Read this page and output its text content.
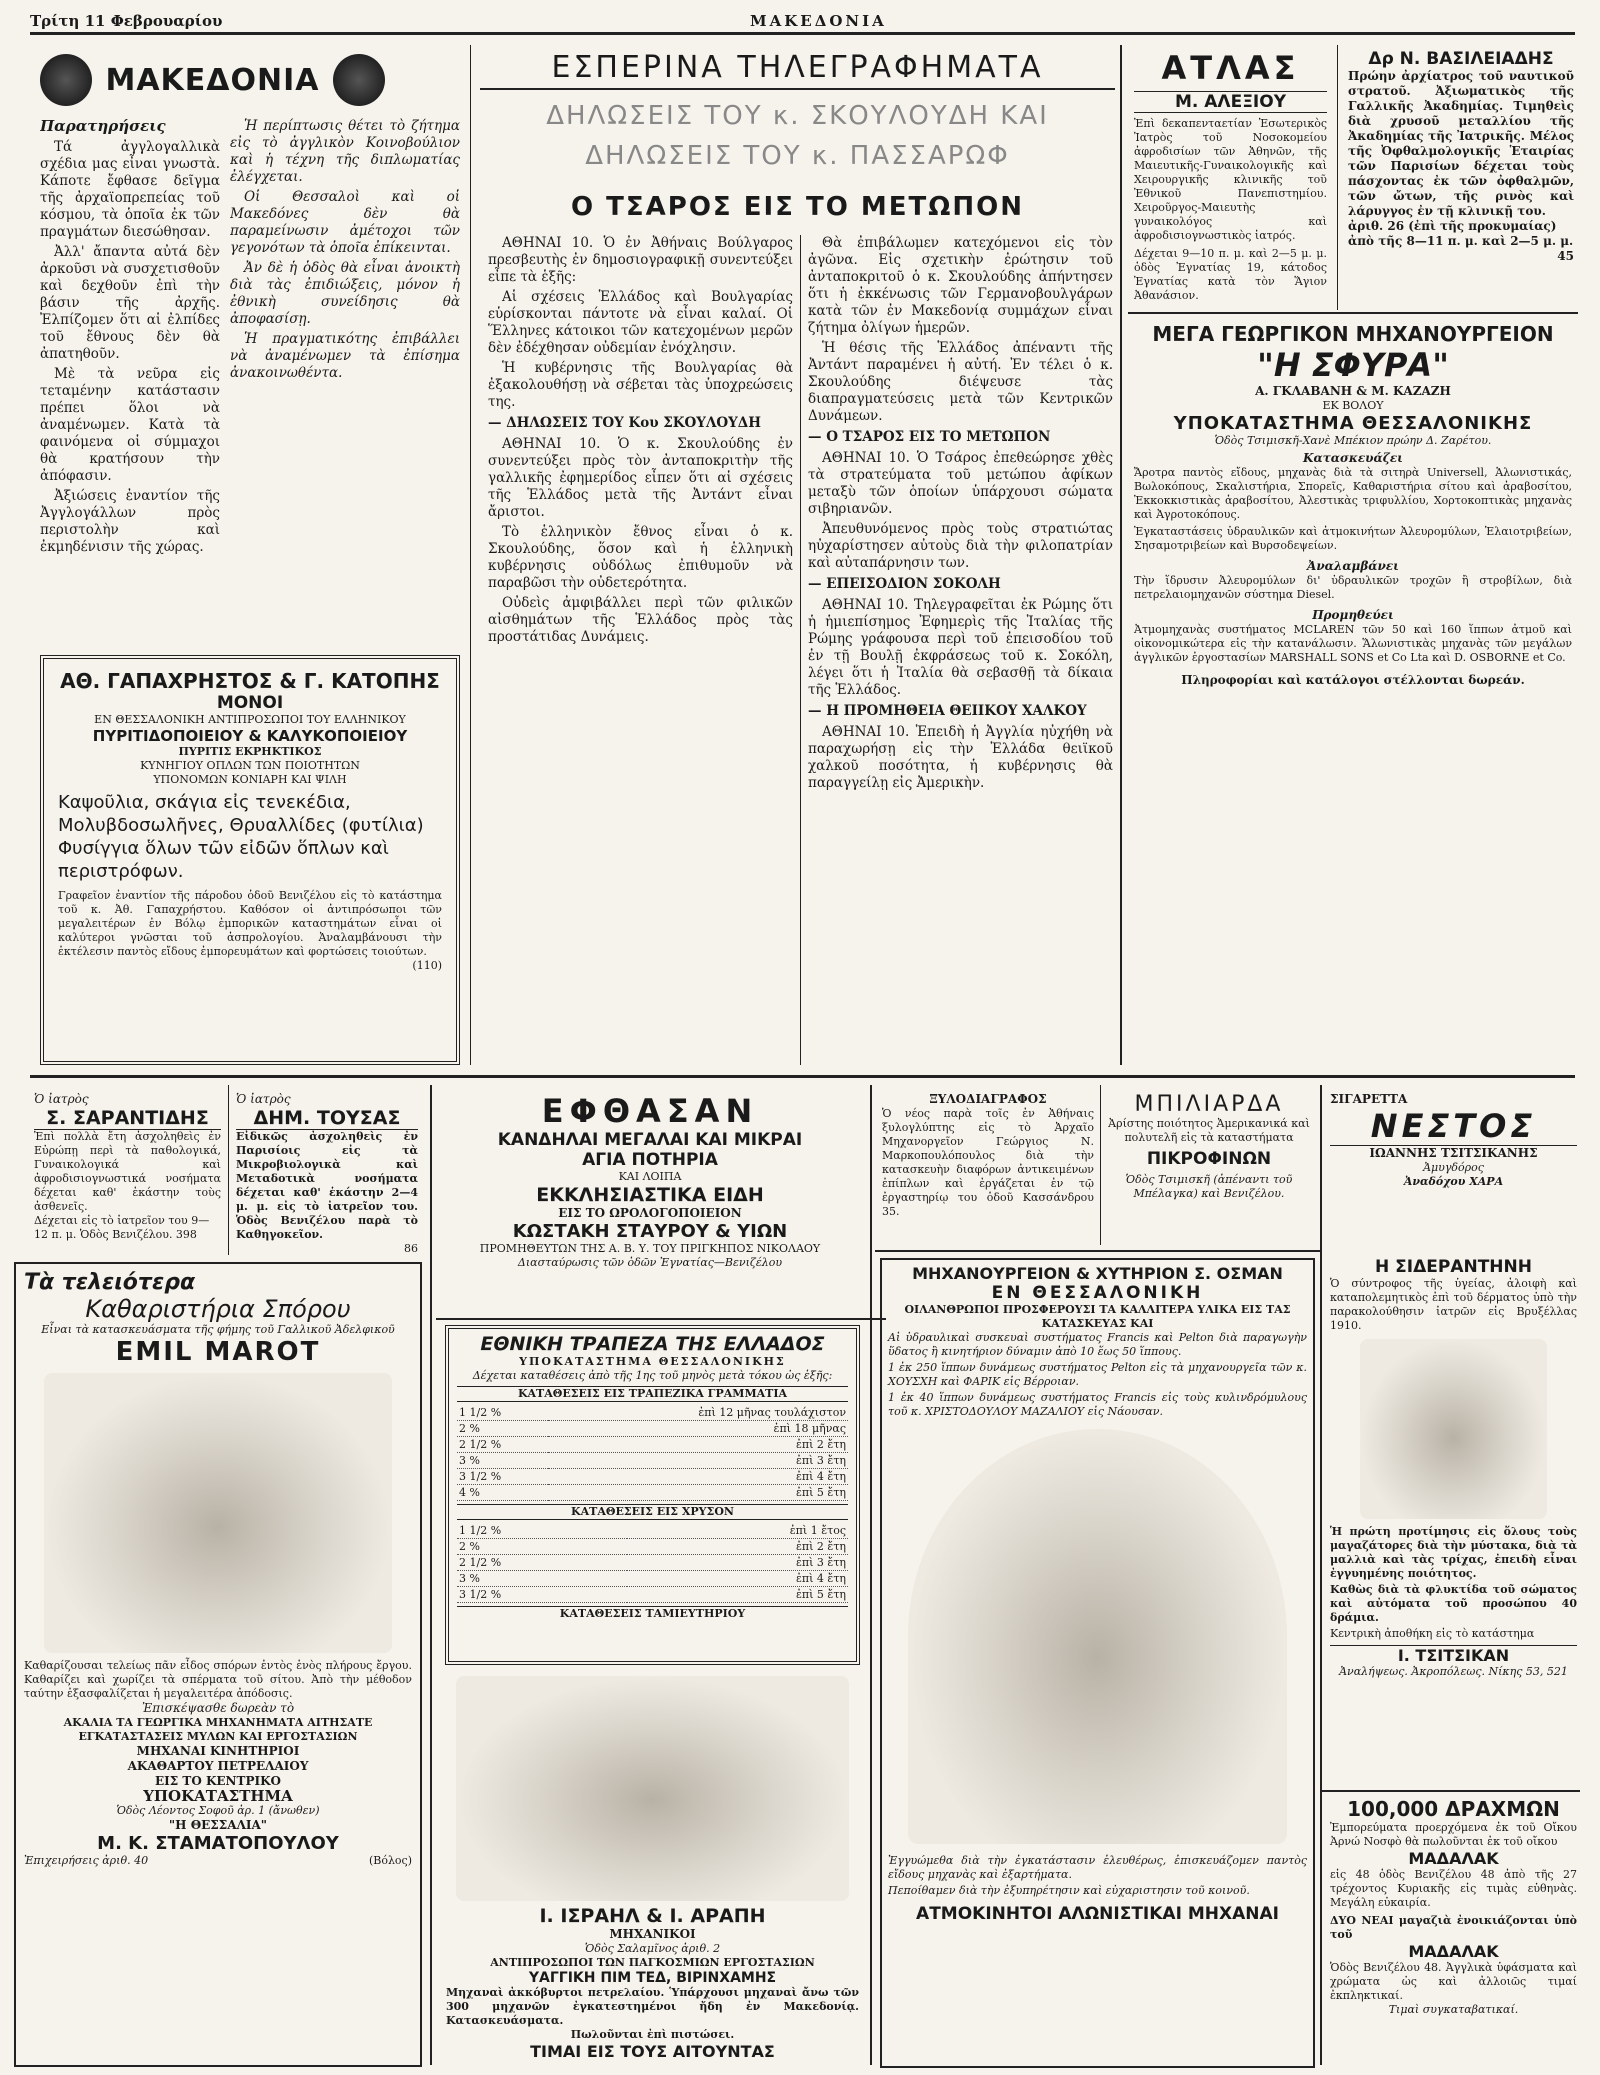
Τρίτη 11 Φεβρουαρίου	ΜΑΚΕΔΟΝΙΑ
ΜΑΚΕΔΟΝΙΑ
Παρατηρήσεις

Τά ἀγγλογαλλικὰ σχέδια μας εἶναι γνωστὰ. Κάποτε ἔφθασε δεῖγμα τῆς ἀρχαϊοπρεπείας τοῦ κόσμου, τὰ ὁποῖα ἐκ τῶν πραγμάτων διεσώθησαν.

Ἀλλ' ἄπαντα αὐτά δὲν ἀρκοῦσι νὰ συσχετισθοῦν καὶ δεχθοῦν ἐπὶ τὴν βάσιν τῆς ἀρχῆς. Ἐλπίζομεν ὅτι αἱ ἐλπίδες τοῦ ἔθνους δὲν θὰ ἀπατηθοῦν.

Μὲ τὰ νεῦρα εἰς τεταμένην κατάστασιν πρέπει ὅλοι νὰ ἀναμένωμεν. Κατὰ τὰ φαινόμενα οἱ σύμμαχοι θὰ κρατήσουν τὴν ἀπόφασιν.

Ἀξιώσεις ἐναντίον τῆς Ἀγγλογάλλων πρὸς περιστολὴν καὶ ἐκμηδένισιν τῆς χώρας.

Ἡ περίπτωσις θέτει τὸ ζήτημα εἰς τὸ ἀγγλικὸν Κοινοβούλιον καὶ ἡ τέχνη τῆς διπλωματίας ἐλέγχεται.

Οἱ Θεσσαλοὶ καὶ οἱ Μακεδόνες δὲν θὰ παραμείνωσιν ἀμέτοχοι τῶν γεγονότων τὰ ὁποῖα ἐπίκεινται.

Ἀν δὲ ἡ ὁδὸς θὰ εἶναι ἀνοικτὴ διὰ τὰς ἐπιδιώξεις, μόνον ἡ ἐθνικὴ συνείδησις θὰ ἀποφασίσῃ.

Ἡ πραγματικότης ἐπιβάλλει νὰ ἀναμένωμεν τὰ ἐπίσημα ἀνακοινωθέντα.

ΑΘ. ΓΑΠΑΧΡΗΣΤΟΣ & Γ. ΚΑΤΟΠΗΣ
ΜΟΝΟΙ
ΕΝ ΘΕΣΣΑΛΟΝΙΚΗ ΑΝΤΙΠΡΟΣΩΠΟΙ ΤΟΥ ΕΛΛΗΝΙΚΟΥ
ΠΥΡΙΤΙΔΟΠΟΙΕΙΟΥ & ΚΑΛΥΚΟΠΟΙΕΙΟΥ
ΠΥΡΙΤΙΣ ΕΚΡΗΚΤΙΚΟΣ
ΚΥΝΗΓΙΟΥ ΟΠΛΩΝ ΤΩΝ ΠΟΙΟΤΗΤΩΝ
ΥΠΟΝΟΜΩΝ ΚΟΝΙΑΡΗ ΚΑΙ ΨΙΛΗ
Καψοῦλια, σκάγια εἰς τενεκέδια, Μολυβδοσωλῆνες, Θρυαλλίδες (φυτίλια) Φυσίγγια ὅλων τῶν εἰδῶν ὅπλων καὶ περιστρόφων.
Γραφεῖον ἐναντίον τῆς πάροδου ὁδοῦ Βενιζέλου εἰς τὸ κατάστημα τοῦ κ. Ἀθ. Γαπαχρήστου. Καθόσον οἱ ἀντιπρόσωποι τῶν μεγαλειτέρων ἐν Βόλῳ ἐμπορικῶν καταστημάτων εἶναι οἱ καλύτεροι γνῶσται τοῦ ἀσπρολογίου. Ἀναλαμβάνουσι τὴν ἐκτέλεσιν παντὸς εἴδους ἐμπορευμάτων καὶ φορτώσεις τοιούτων.
(110)
ΕΣΠΕΡΙΝΑ ΤΗΛΕΓΡΑΦΗΜΑΤΑ
ΔΗΛΩΣΕΙΣ ΤΟΥ κ. ΣΚΟΥΛΟΥΔΗ ΚΑΙ ΔΗΛΩΣΕΙΣ ΤΟΥ κ. ΠΑΣΣΑΡΩΦ
Ο ΤΣΑΡΟΣ ΕΙΣ ΤΟ ΜΕΤΩΠΟΝ

ΑΘΗΝΑΙ 10. Ὁ ἐν Ἀθήναις Βούλγαρος πρεσβευτὴς ἐν δημοσιογραφικῇ συνεντεύξει εἶπε τὰ ἑξῆς:

Αἱ σχέσεις Ἑλλάδος καὶ Βουλγαρίας εὑρίσκονται πάντοτε νὰ εἶναι καλαί. Οἱ Ἕλληνες κάτοικοι τῶν κατεχομένων μερῶν δὲν ἐδέχθησαν οὐδεμίαν ἐνόχλησιν.

Ἡ κυβέρνησις τῆς Βουλγαρίας θὰ ἐξακολουθήσῃ νὰ σέβεται τὰς ὑποχρεώσεις της.

— ΔΗΛΩΣΕΙΣ ΤΟΥ Κου ΣΚΟΥΛΟΥΔΗ

ΑΘΗΝΑΙ 10. Ὁ κ. Σκουλούδης ἐν συνεντεύξει πρὸς τὸν ἀνταποκριτὴν τῆς γαλλικῆς ἐφημερίδος εἶπεν ὅτι αἱ σχέσεις τῆς Ἑλλάδος μετὰ τῆς Ἀντάντ εἶναι ἄριστοι.

Τὸ ἑλληνικὸν ἔθνος εἶναι ὁ κ. Σκουλούδης, ὅσον καὶ ἡ ἑλληνικὴ κυβέρνησις οὐδόλως ἐπιθυμοῦν νὰ παραβῶσι τὴν οὐδετερότητα.

Οὐδεὶς ἀμφιβάλλει περὶ τῶν φιλικῶν αἰσθημάτων τῆς Ἑλλάδος πρὸς τὰς προστάτιδας Δυνάμεις.

Θὰ ἐπιβάλωμεν κατεχόμενοι εἰς τὸν ἀγῶνα. Εἰς σχετικὴν ἐρώτησιν τοῦ ἀνταποκριτοῦ ὁ κ. Σκουλούδης ἀπήντησεν ὅτι ἡ ἐκκένωσις τῶν Γερμανοβουλγάρων κατὰ τῶν ἐν Μακεδονίᾳ συμμάχων εἶναι ζήτημα ὀλίγων ἡμερῶν.

Ἡ θέσις τῆς Ἑλλάδος ἀπέναντι τῆς Ἀντάντ παραμένει ἡ αὐτή. Ἐν τέλει ὁ κ. Σκουλούδης διέψευσε τὰς διαπραγματεύσεις μετὰ τῶν Κεντρικῶν Δυνάμεων.

— Ο ΤΣΑΡΟΣ ΕΙΣ ΤΟ ΜΕΤΩΠΟΝ

ΑΘΗΝΑΙ 10. Ὁ Τσάρος ἐπεθεώρησε χθὲς τὰ στρατεύματα τοῦ μετώπου ἀφίκων μεταξὺ τῶν ὁποίων ὑπάρχουσι σώματα σιβηριανῶν.

Ἀπευθυνόμενος πρὸς τοὺς στρατιώτας ηὐχαρίστησεν αὐτοὺς διὰ τὴν φιλοπατρίαν καὶ αὐταπάρνησιν των.

— ΕΠΕΙΣΟΔΙΟΝ ΣΟΚΟΛΗ

ΑΘΗΝΑΙ 10. Τηλεγραφεῖται ἐκ Ρώμης ὅτι ἡ ἡμιεπίσημος Ἐφημερὶς τῆς Ἰταλίας τῆς Ρώμης γράφουσα περὶ τοῦ ἐπεισοδίου τοῦ ἐν τῇ Βουλῇ ἐκφράσεως τοῦ κ. Σοκόλη, λέγει ὅτι ἡ Ἰταλία θὰ σεβασθῇ τὰ δίκαια τῆς Ἑλλάδος.

— Η ΠΡΟΜΗΘΕΙΑ ΘΕΙΙΚΟΥ ΧΑΛΚΟΥ

ΑΘΗΝΑΙ 10. Ἐπειδὴ ἡ Ἀγγλία ηὐχήθη νὰ παραχωρήσῃ εἰς τὴν Ἑλλάδα θειϊκοῦ χαλκοῦ ποσότητα, ἡ κυβέρνησις θὰ παραγγείλῃ εἰς Ἀμερικὴν.

ΑΤΛΑΣ
Μ. ΑΛΕΞΙΟΥ
Ἐπὶ δεκαπενταετίαν Ἐσωτερικὸς Ἰατρὸς τοῦ Νοσοκομείου ἀφροδισίων τῶν Ἀθηνῶν, τῆς Μαιευτικῆς-Γυναικολογικῆς καὶ Χειρουργικῆς κλινικῆς τοῦ Ἐθνικοῦ Πανεπιστημίου. Χειροῦργος-Μαιευτὴς γυναικολόγος καὶ ἀφροδισιογνωστικὸς ἰατρός.
Δέχεται 9—10 π. μ. καὶ 2—5 μ. μ. ὁδὸς Ἐγνατίας 19, κάτοδος Ἐγνατίας κατὰ τὸν Ἅγιον Ἀθανάσιον.
Δρ Ν. ΒΑΣΙΛΕΙΑΔΗΣ
Πρώην ἀρχίατρος τοῦ ναυτικοῦ στρατοῦ. Ἀξιωματικὸς τῆς Γαλλικῆς Ἀκαδημίας. Τιμηθεὶς διὰ χρυσοῦ μεταλλίου τῆς Ἀκαδημίας τῆς Ἰατρικῆς. Μέλος τῆς Ὀφθαλμολογικῆς Ἑταιρίας τῶν Παρισίων δέχεται τοὺς πάσχοντας ἐκ τῶν ὀφθαλμῶν, τῶν ὤτων, τῆς ρινὸς καὶ λάρυγγος ἐν τῇ κλινικῇ του.
ἀριθ. 26 (ἐπὶ τῆς προκυμαίας) ἀπὸ τῆς 8—11 π. μ. καὶ 2—5 μ. μ.
45
ΜΕΓΑ ΓΕΩΡΓΙΚΟΝ ΜΗΧΑΝΟΥΡΓΕΙΟΝ
"Η ΣΦΥΡΑ"
Α. ΓΚΛΑΒΑΝΗ & Μ. ΚΑΖΑΖΗ
ΕΚ ΒΟΛΟΥ
ΥΠΟΚΑΤΑΣΤΗΜΑ ΘΕΣΣΑΛΟΝΙΚΗΣ
Ὁδὸς Τσιμισκῆ-Χανὲ Μπέκιον πρώην Δ. Ζαρέτου.
Κατασκευάζει
Ἄροτρα παντὸς εἴδους, μηχανὰς διὰ τὰ σιτηρὰ Universell, Ἁλωνιστικάς, Βωλοκόπους, Σκαλιστήρια, Σπορεῖς, Καθαριστήρια σίτου καὶ ἀραβοσίτου, Ἐκκοκκιστικὰς ἀραβοσίτου, Ἀλεστικὰς τριφυλλίου, Χορτοκοπτικὰς μηχανὰς καὶ Ἀγροτοκόπους.
Ἐγκαταστάσεις ὑδραυλικῶν καὶ ἀτμοκινήτων Ἀλευρομύλων, Ἐλαιοτριβείων, Σησαμοτριβείων καὶ Βυρσοδεψείων.
Ἀναλαμβάνει
Τὴν ἵδρυσιν Ἀλευρομύλων δι' ὑδραυλικῶν τροχῶν ἢ στροβίλων, διὰ πετρελαιομηχανῶν σύστημα Diesel.
Προμηθεύει
Ἀτμομηχανὰς συστήματος MCLAREN τῶν 50 καὶ 160 ἵππων ἀτμοῦ καὶ οἰκονομικώτερα εἰς τὴν κατανάλωσιν. Ἅλωνιστικὰς μηχανὰς τῶν μεγάλων ἀγγλικῶν ἐργοστασίων MARSHALL SONS et Co Lta καὶ D. OSBORNE et Co.
Πληροφορίαι καὶ κατάλογοι στέλλονται δωρεάν.
Ὁ ἰατρὸς
Σ. ΣΑΡΑΝΤΙΔΗΣ
Ἐπὶ πολλὰ ἔτη ἀσχοληθεὶς ἐν Εὐρώπῃ περὶ τὰ παθολογικά, Γυναικολογικά καὶ ἀφροδισιογνωστικά νοσήματα δέχεται καθ' ἑκάστην τοὺς ἀσθενεῖς.
Δέχεται εἰς τὸ ἰατρεῖον του 9—12 π. μ. Ὁδὸς Βενιζέλου. 398
Ὁ ἰατρὸς
ΔΗΜ. ΤΟΥΣΑΣ
Εἰδικῶς ἀσχοληθεὶς ἐν Παρισίοις εἰς τὰ Μικροβιολογικὰ καὶ Μεταδοτικὰ νοσήματα δέχεται καθ' ἑκάστην 2—4 μ. μ. εἰς τὸ ἰατρεῖον του. Ὁδὸς Βενιζέλου παρὰ τὸ Καθηγοκεῖον.
86
Τὰ τελειότερα
Καθαριστήρια Σπόρου
Εἶναι τὰ κατασκευάσματα τῆς φήμης τοῦ Γαλλικοῦ Ἀδελφικοῦ
EMIL MAROT
Καθαρίζουσαι τελείως πᾶν εἶδος σπόρων ἐντὸς ἑνὸς πλήρους ἔργου. Καθαρίζει καὶ χωρίζει τὰ σπέρματα τοῦ σίτου. Ἀπὸ τὴν μέθοδον ταύτην ἐξασφαλίζεται ἡ μεγαλειτέρα ἀπόδοσις.
Ἐπισκέψασθε δωρεὰν τὸ
ΑΚΑΛΙΑ ΤΑ ΓΕΩΡΓΙΚΑ ΜΗΧΑΝΗΜΑΤΑ ΑΙΤΗΣΑΤΕ
ΕΓΚΑΤΑΣΤΑΣΕΙΣ ΜΥΛΩΝ ΚΑΙ ΕΡΓΟΣΤΑΣΙΩΝ
ΜΗΧΑΝΑΙ ΚΙΝΗΤΗΡΙΟΙ
ΑΚΑΘΑΡΤΟΥ ΠΕΤΡΕΛΑΙΟΥ
ΕΙΣ ΤΟ ΚΕΝΤΡΙΚΟ
ΥΠΟΚΑΤΑΣΤΗΜΑ
Ὁδὸς Λέοντος Σοφοῦ ἀρ. 1 (ἄνωθεν)
"Η ΘΕΣΣΑΛΙΑ"
Μ. Κ. ΣΤΑΜΑΤΟΠΟΥΛΟΥ
Ἐπιχειρήσεις ἀριθ. 40	(Βόλος)
ΕΦΘΑΣΑΝ
ΚΑΝΔΗΛΑΙ ΜΕΓΑΛΑΙ ΚΑΙ ΜΙΚΡΑΙ
ΑΓΙΑ ΠΟΤΗΡΙΑ
ΚΑΙ ΛΟΙΠΑ
ΕΚΚΛΗΣΙΑΣΤΙΚΑ ΕΙΔΗ
ΕΙΣ ΤΟ ΩΡΟΛΟΓΟΠΟΙΕΙΟΝ
ΚΩΣΤΑΚΗ ΣΤΑΥΡΟΥ & ΥΙΩΝ
ΠΡΟΜΗΘΕΥΤΩΝ ΤΗΣ Α. Β. Υ. ΤΟΥ ΠΡΙΓΚΗΠΟΣ ΝΙΚΟΛΑΟΥ
Διασταύρωσις τῶν ὁδῶν Ἐγνατίας—Βενιζέλου
ΕΘΝΙΚΗ ΤΡΑΠΕΖΑ ΤΗΣ ΕΛΛΑΔΟΣ
ΥΠΟΚΑΤΑΣΤΗΜΑ ΘΕΣΣΑΛΟΝΙΚΗΣ
Δέχεται καταθέσεις ἀπὸ τῆς 1ης τοῦ μηνὸς μετὰ τόκου ὡς ἑξῆς:
ΚΑΤΑΘΕΣΕΙΣ ΕΙΣ ΤΡΑΠΕΖΙΚΑ ΓΡΑΜΜΑΤΙΑ
1 1/2 %	ἐπὶ 12 μῆνας τουλάχιστον
2 %	ἐπὶ 18 μῆνας
2 1/2 %	ἐπὶ 2 ἔτη
3 %	ἐπὶ 3 ἔτη
3 1/2 %	ἐπὶ 4 ἔτη
4 %	ἐπὶ 5 ἔτη
ΚΑΤΑΘΕΣΕΙΣ ΕΙΣ ΧΡΥΣΟΝ
1 1/2 %	ἐπὶ 1 ἔτος
2 %	ἐπὶ 2 ἔτη
2 1/2 %	ἐπὶ 3 ἔτη
3 %	ἐπὶ 4 ἔτη
3 1/2 %	ἐπὶ 5 ἔτη
ΚΑΤΑΘΕΣΕΙΣ ΤΑΜΙΕΥΤΗΡΙΟΥ
Ι. ΙΣΡΑΗΛ & Ι. ΑΡΑΠΗ
ΜΗΧΑΝΙΚΟΙ
Ὁδὸς Σαλαμῖνος ἀριθ. 2
ΑΝΤΙΠΡΟΣΩΠΟΙ ΤΩΝ ΠΑΓΚΟΣΜΙΩΝ ΕΡΓΟΣΤΑΣΙΩΝ
ΥΑΓΓΙΚΗ ΠΙΜ ΤΕΔ, ΒΙΡΙΝΧΑΜΗΣ
Μηχαναὶ ἀκκόβυρτοι πετρελαίου. Ὑπάρχουσι μηχαναὶ ἄνω τῶν 300 μηχανῶν ἐγκατεστημένοι ἤδη ἐν Μακεδονίᾳ. Κατασκευάσματα.
Πωλοῦνται ἐπὶ πιστώσει.
ΤΙΜΑΙ ΕΙΣ ΤΟΥΣ ΑΙΤΟΥΝΤΑΣ
ΞΥΛΟΔΙΑΓΡΑΦΟΣ
Ὁ νέος παρὰ τοῖς ἐν Ἀθήναις ξυλογλύπτης εἰς τὸ Ἀρχαῖο Μηχανοργεῖον Γεώργιος Ν. Μαρκοπουλόπουλος διὰ τὴν κατασκευὴν διαφόρων ἀντικειμένων ἐπίπλων καὶ ἐργάζεται ἐν τῷ ἐργαστηρίῳ του ὁδοῦ Κασσάνδρου 35.
ΜΠΙΛΙΑΡΔΑ
Ἀρίστης ποιότητος Ἀμερικανικά καὶ πολυτελῆ εἰς τὰ καταστήματα
ΠΙΚΡΟΦΙΝΩΝ
Ὁδὸς Τσιμισκῆ (ἀπέναντι τοῦ Μπέλαγκα) καὶ Βενιζέλου.
ΜΗΧΑΝΟΥΡΓΕΙΟΝ & ΧΥΤΗΡΙΟΝ Σ. ΟΣΜΑΝ
ΕΝ ΘΕΣΣΑΛΟΝΙΚΗ
ΟΙΛΑΝΘΡΩΠΟΙ ΠΡΟΣΦΕΡΟΥΣΙ ΤΑ ΚΑΛΛΙΤΕΡΑ ΥΛΙΚΑ ΕΙΣ ΤΑΣ ΚΑΤΑΣΚΕΥΑΣ ΚΑΙ
Αἱ ὑδραυλικαὶ συσκευαὶ συστήματος Francis καὶ Pelton διὰ παραγωγὴν ὕδατος ἢ κινητήριον δύναμιν ἀπὸ 10 ἕως 50 ἵππους.
1 ἐκ 250 ἵππων δυνάμεως συστήματος Pelton εἰς τὰ μηχανουργεῖα τῶν κ. ΧΟΥΣΧΗ καὶ ΦΑΡΙΚ εἰς Βέρροιαν.
1 ἐκ 40 ἵππων δυνάμεως συστήματος Francis εἰς τοὺς κυλινδρόμυλους τοῦ κ. ΧΡΙΣΤΟΔΟΥΛΟΥ ΜΑΖΑΛΙΟΥ εἰς Νάουσαν.
Ἐγγυώμεθα διὰ τὴν ἐγκατάστασιν ἐλευθέρως, ἐπισκευάζομεν παντὸς εἴδους μηχανὰς καὶ ἐξαρτήματα.
Πεποίθαμεν διὰ τὴν ἐξυπηρέτησιν καὶ εὐχαριστησιν τοῦ κοινοῦ.
ΑΤΜΟΚΙΝΗΤΟΙ ΑΛΩΝΙΣΤΙΚΑΙ ΜΗΧΑΝΑΙ
ΣΙΓΑΡΕΤΤΑ
ΝΕΣΤΟΣ
ΙΩΑΝΝΗΣ ΤΣΙΤΣΙΚΑΝΗΣ
Ἀμυγδόρος
Ἀναδόχου ΧΑΡΑ
Η ΣΙΔΕΡΑΝΤΗΝΗ
Ὁ σύντροφος τῆς ὑγείας, ἀλοιφὴ καὶ καταπολεμητικὸς ἐπὶ τοῦ δέρματος ὑπὸ τὴν παρακολούθησιν ἰατρῶν εἰς Βρυξέλλας 1910.
Ἡ πρώτη προτίμησις εἰς ὅλους τοὺς μαγαζάτορες διὰ τὴν μύστακα, διὰ τὰ μαλλιὰ καὶ τὰς τρίχας, ἐπειδὴ εἶναι ἐγγυημένης ποιότητος.
Καθὼς διὰ τὰ φλυκτίδα τοῦ σώματος καὶ αὐτόματα τοῦ προσώπου 40 δράμια.
Κεντρικὴ ἀποθήκη εἰς τὸ κατάστημα
Ι. ΤΣΙΤΣΙΚΑΝ
Ἀναλήψεως. Ἀκροπόλεως. Νίκης 53, 521
100,000 ΔΡΑΧΜΩΝ
Ἐμπορεύματα προερχόμενα ἐκ τοῦ Οἴκου Ἀρνώ Νοσφὸ θὰ πωλοῦνται ἐκ τοῦ οἴκου
ΜΑΔΑΛΑΚ
εἰς 48 ὁδὸς Βενιζέλου 48 ἀπὸ τῆς 27 τρέχοντος Κυριακῆς εἰς τιμὰς εὐθηνὰς. Μεγάλη εὐκαιρία.
ΔΥΟ ΝΕΑΙ μαγαζιὰ ἐνοικιάζονται ὑπὸ τοῦ
ΜΑΔΑΛΑΚ
Ὁδὸς Βενιζέλου 48. Ἀγγλικὰ ὑφάσματα καὶ χρώματα ὡς καὶ ἀλλοιῶς τιμαί ἐκπληκτικαί.
Τιμαὶ συγκαταβατικαί.
